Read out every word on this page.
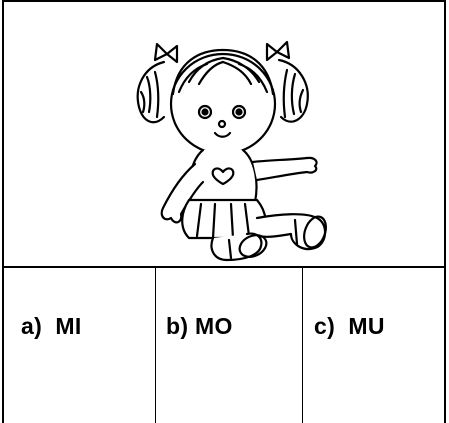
a)  MI	b) MO	c)  MU
